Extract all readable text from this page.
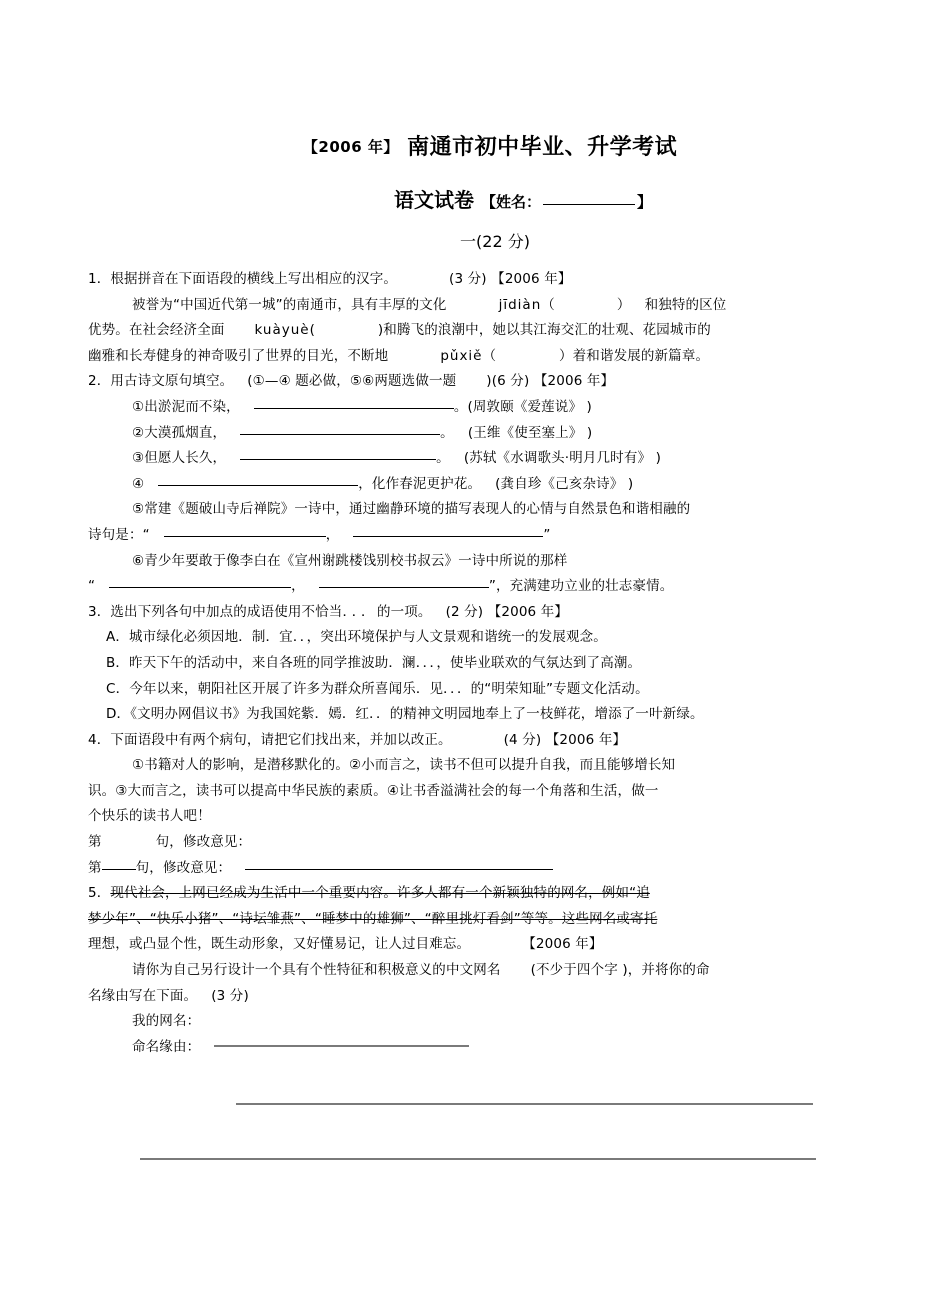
【2006 年】 南通市初中毕业、升学考试
语文试卷 【姓名：	】
一(22 分)
1．根据拼音在下面语段的横线上写出相应的汉字。	(3 分) 【2006 年】
被誉为“中国近代第一城”的南通市，具有丰厚的文化	jīdiàn（	） 和独特的区位
优势。在社会经济全面 kuàyuè(	)和腾飞的浪潮中，她以其江海交汇的壮观、花园城市的
幽雅和长寿健身的神奇吸引了世界的目光，不断地	pǔxiě（	）着和谐发展的新篇章。
2．用古诗文原句填空。 (①—④ 题必做，⑤⑥两题选做一题 )(6 分) 【2006 年】
①出淤泥而不染，	。(周敦颐《爱莲说》 )
②大漠孤烟直，	。 (王维《使至塞上》 )
③但愿人长久，	。 (苏轼《水调歌头·明月几时有》 )
④	，化作春泥更护花。 (龚自珍《己亥杂诗》 )
⑤常建《题破山寺后禅院》一诗中，通过幽静环境的描写表现人的心情与自然景色和谐相融的
诗句是：“	，	”
⑥青少年要敢于像李白在《宣州谢跳楼饯别校书叔云》一诗中所说的那样
“	，	”，充满建功立业的壮志豪情。
3．选出下列各句中加点的成语使用不恰当．．．的一项。 (2 分) 【2006 年】
A．城市绿化必须因地．制．宜．．，突出环境保护与人文景观和谐统一的发展观念。
B．昨天下午的活动中，来自各班的同学推波助．澜．．．，使毕业联欢的气氛达到了高潮。
C．今年以来，朝阳社区开展了许多为群众所喜闻乐．见．．．的“明荣知耻”专题文化活动。
D．《文明办网倡议书》为我国姹紫．嫣．红．．的精神文明园地奉上了一枝鲜花，增添了一叶新绿。
4．下面语段中有两个病句，请把它们找出来，并加以改正。	(4 分) 【2006 年】
①书籍对人的影响，是潜移默化的。②小而言之，读书不但可以提升自我，而且能够增长知
识。③大而言之，读书可以提高中华民族的素质。④让书香溢满社会的每一个角落和生活，做一
个快乐的读书人吧！
第	句，修改意见：
第	句，修改意见：
5．现代社会，上网已经成为生活中一个重要内容。许多人都有一个新颖独特的网名，例如“追
梦少年”、“快乐小猪”、“诗坛雏燕”、“睡梦中的雄狮”、“醉里挑灯看剑”等等。这些网名或寄托
理想，或凸显个性，既生动形象，又好懂易记，让人过目难忘。	【2006 年】
请你为自己另行设计一个具有个性特征和积极意义的中文网名 (不少于四个字 )，并将你的命
名缘由写在下面。 (3 分)
我的网名：
命名缘由：
